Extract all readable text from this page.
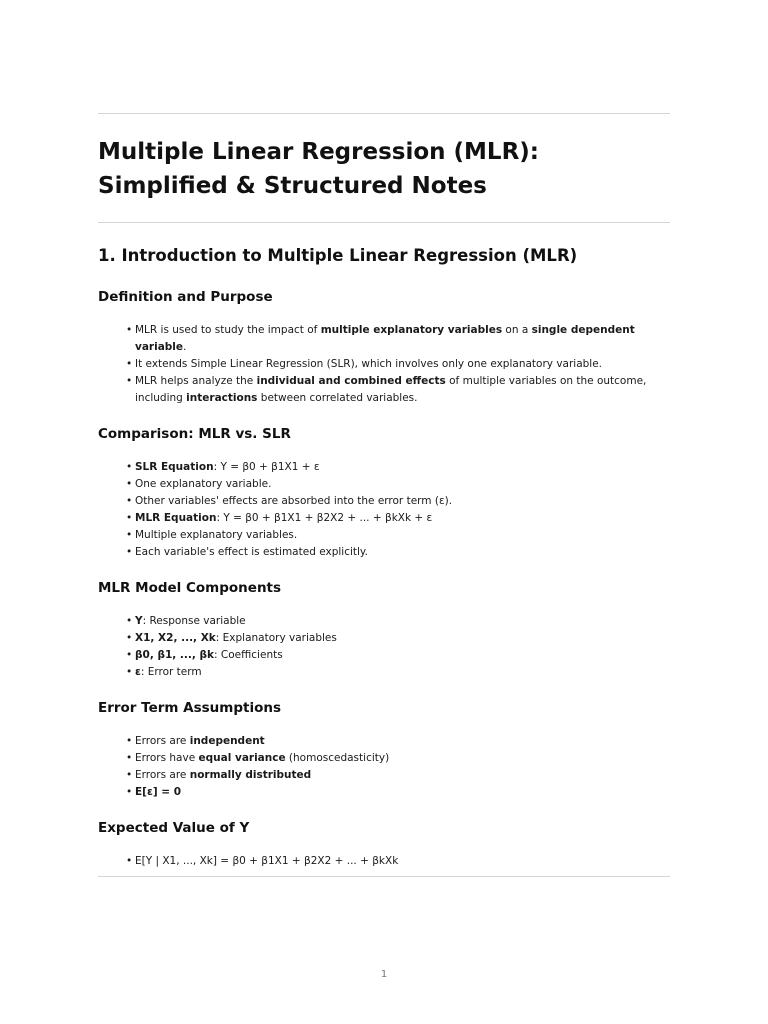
Multiple Linear Regression (MLR): Simplified & Structured Notes
1. Introduction to Multiple Linear Regression (MLR)
Definition and Purpose
• MLR is used to study the impact of multiple explanatory variables on a single dependent variable.
• It extends Simple Linear Regression (SLR), which involves only one explanatory variable.
• MLR helps analyze the individual and combined effects of multiple variables on the outcome, including interactions between correlated variables.
Comparison: MLR vs. SLR
• SLR Equation: Y = β0 + β1X1 + ε
• One explanatory variable.
• Other variables' effects are absorbed into the error term (ε).
• MLR Equation: Y = β0 + β1X1 + β2X2 + ... + βkXk + ε
• Multiple explanatory variables.
• Each variable's effect is estimated explicitly.
MLR Model Components
• Y: Response variable
• X1, X2, ..., Xk: Explanatory variables
• β0, β1, ..., βk: Coefficients
• ε: Error term
Error Term Assumptions
• Errors are independent
• Errors have equal variance (homoscedasticity)
• Errors are normally distributed
• E[ε] = 0
Expected Value of Y
• E[Y | X1, ..., Xk] = β0 + β1X1 + β2X2 + ... + βkXk
1
